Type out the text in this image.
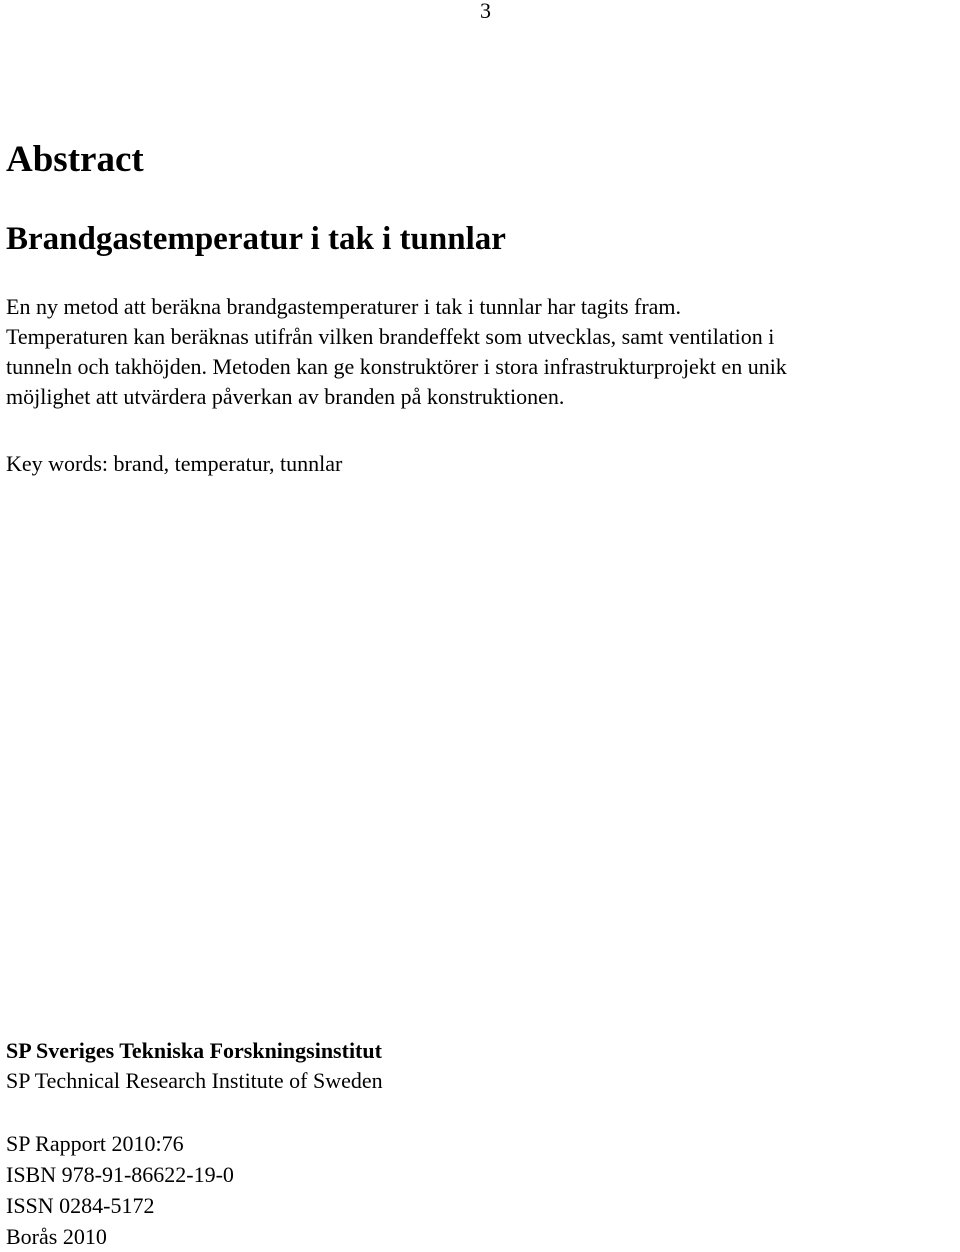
3
Abstract
Brandgastemperatur i tak i tunnlar

En ny metod att beräkna brandgastemperaturer i tak i tunnlar har tagits fram.
Temperaturen kan beräknas utifrån vilken brandeffekt som utvecklas, samt ventilation i
tunneln och takhöjden. Metoden kan ge konstruktörer i stora infrastrukturprojekt en unik
möjlighet att utvärdera påverkan av branden på konstruktionen.

Key words: brand, temperatur, tunnlar

SP Sveriges Tekniska Forskningsinstitut
SP Technical Research Institute of Sweden
SP Rapport 2010:76
ISBN 978-91-86622-19-0
ISSN 0284-5172
Borås 2010
